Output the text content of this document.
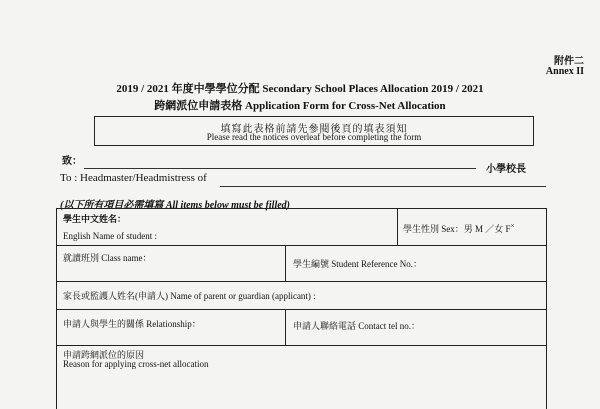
附件二
Annex II
2019 / 2021 年度中學學位分配 Secondary School Places Allocation 2019 / 2021
跨網派位申請表格 Application Form for Cross-Net Allocation
填寫此表格前請先參閱後頁的填表須知
Please read the notices overleaf before completing the form
致：
小學校長
To : Headmaster/Headmistress of
(以下所有項目必需填寫 All items below must be filled)
學生中文姓名：
English Name of student :
學生性別 Sex：男 M ／女 F×
就讀班別 Class name：
學生編號 Student Reference No.：
家長或監護人姓名(申請人) Name of parent or guardian (applicant) :
申請人與學生的關係 Relationship：	申請人聯絡電話 Contact tel no.：
申請跨網派位的原因
Reason for applying cross-net allocation
